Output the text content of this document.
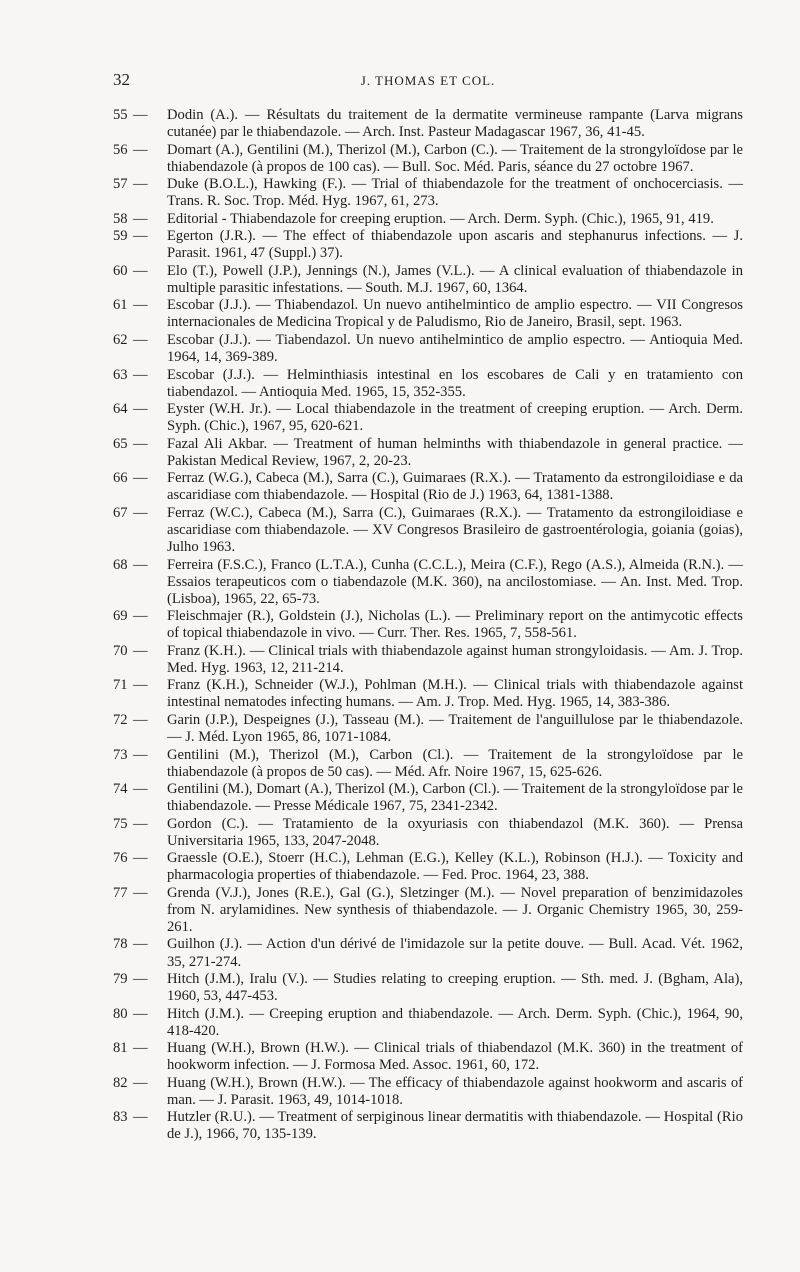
32	J. THOMAS ET COL.
55 — Dodin (A.). — Résultats du traitement de la dermatite vermineuse rampante (Larva migrans cutanée) par le thiabendazole. — Arch. Inst. Pasteur Madagascar 1967, 36, 41-45.
56 — Domart (A.), Gentilini (M.), Therizol (M.), Carbon (C.). — Traitement de la strongyloïdose par le thiabendazole (à propos de 100 cas). — Bull. Soc. Méd. Paris, séance du 27 octobre 1967.
57 — Duke (B.O.L.), Hawking (F.). — Trial of thiabendazole for the treatment of onchocerciasis. — Trans. R. Soc. Trop. Méd. Hyg. 1967, 61, 273.
58 — Editorial - Thiabendazole for creeping eruption. — Arch. Derm. Syph. (Chic.), 1965, 91, 419.
59 — Egerton (J.R.). — The effect of thiabendazole upon ascaris and stephanurus infections. — J. Parasit. 1961, 47 (Suppl.) 37).
60 — Elo (T.), Powell (J.P.), Jennings (N.), James (V.L.). — A clinical evaluation of thiabendazole in multiple parasitic infestations. — South. M.J. 1967, 60, 1364.
61 — Escobar (J.J.). — Thiabendazol. Un nuevo antihelmintico de amplio espectro. — VII Congresos internacionales de Medicina Tropical y de Paludismo, Rio de Janeiro, Brasil, sept. 1963.
62 — Escobar (J.J.). — Tiabendazol. Un nuevo antihelmintico de amplio espectro. — Antioquia Med. 1964, 14, 369-389.
63 — Escobar (J.J.). — Helminthiasis intestinal en los escobares de Cali y en tratamiento con tiabendazol. — Antioquia Med. 1965, 15, 352-355.
64 — Eyster (W.H. Jr.). — Local thiabendazole in the treatment of creeping eruption. — Arch. Derm. Syph. (Chic.), 1967, 95, 620-621.
65 — Fazal Ali Akbar. — Treatment of human helminths with thiabendazole in general practice. — Pakistan Medical Review, 1967, 2, 20-23.
66 — Ferraz (W.G.), Cabeca (M.), Sarra (C.), Guimaraes (R.X.). — Tratamento da estrongiloidiase e da ascaridiase com thiabendazole. — Hospital (Rio de J.) 1963, 64, 1381-1388.
67 — Ferraz (W.C.), Cabeca (M.), Sarra (C.), Guimaraes (R.X.). — Tratamento da estrongiloidiase e ascaridiase com thiabendazole. — XV Congresos Brasileiro de gastroentérologia, goiania (goias), Julho 1963.
68 — Ferreira (F.S.C.), Franco (L.T.A.), Cunha (C.C.L.), Meira (C.F.), Rego (A.S.), Almeida (R.N.). — Essaios terapeuticos com o tiabendazole (M.K. 360), na ancilostomiase. — An. Inst. Med. Trop. (Lisboa), 1965, 22, 65-73.
69 — Fleischmajer (R.), Goldstein (J.), Nicholas (L.). — Preliminary report on the antimycotic effects of topical thiabendazole in vivo. — Curr. Ther. Res. 1965, 7, 558-561.
70 — Franz (K.H.). — Clinical trials with thiabendazole against human strongyloidasis. — Am. J. Trop. Med. Hyg. 1963, 12, 211-214.
71 — Franz (K.H.), Schneider (W.J.), Pohlman (M.H.). — Clinical trials with thiabendazole against intestinal nematodes infecting humans. — Am. J. Trop. Med. Hyg. 1965, 14, 383-386.
72 — Garin (J.P.), Despeignes (J.), Tasseau (M.). — Traitement de l'anguillulose par le thiabendazole. — J. Méd. Lyon 1965, 86, 1071-1084.
73 — Gentilini (M.), Therizol (M.), Carbon (Cl.). — Traitement de la strongyloïdose par le thiabendazole (à propos de 50 cas). — Méd. Afr. Noire 1967, 15, 625-626.
74 — Gentilini (M.), Domart (A.), Therizol (M.), Carbon (Cl.). — Traitement de la strongyloïdose par le thiabendazole. — Presse Médicale 1967, 75, 2341-2342.
75 — Gordon (C.). — Tratamiento de la oxyuriasis con thiabendazol (M.K. 360). — Prensa Universitaria 1965, 133, 2047-2048.
76 — Graessle (O.E.), Stoerr (H.C.), Lehman (E.G.), Kelley (K.L.), Robinson (H.J.). — Toxicity and pharmacologia properties of thiabendazole. — Fed. Proc. 1964, 23, 388.
77 — Grenda (V.J.), Jones (R.E.), Gal (G.), Sletzinger (M.). — Novel preparation of benzimidazoles from N. arylamidines. New synthesis of thiabendazole. — J. Organic Chemistry 1965, 30, 259-261.
78 — Guilhon (J.). — Action d'un dérivé de l'imidazole sur la petite douve. — Bull. Acad. Vét. 1962, 35, 271-274.
79 — Hitch (J.M.), Iralu (V.). — Studies relating to creeping eruption. — Sth. med. J. (Bgham, Ala), 1960, 53, 447-453.
80 — Hitch (J.M.). — Creeping eruption and thiabendazole. — Arch. Derm. Syph. (Chic.), 1964, 90, 418-420.
81 — Huang (W.H.), Brown (H.W.). — Clinical trials of thiabendazol (M.K. 360) in the treatment of hookworm infection. — J. Formosa Med. Assoc. 1961, 60, 172.
82 — Huang (W.H.), Brown (H.W.). — The efficacy of thiabendazole against hookworm and ascaris of man. — J. Parasit. 1963, 49, 1014-1018.
83 — Hutzler (R.U.). — Treatment of serpiginous linear dermatitis with thiabendazole. — Hospital (Rio de J.), 1966, 70, 135-139.
